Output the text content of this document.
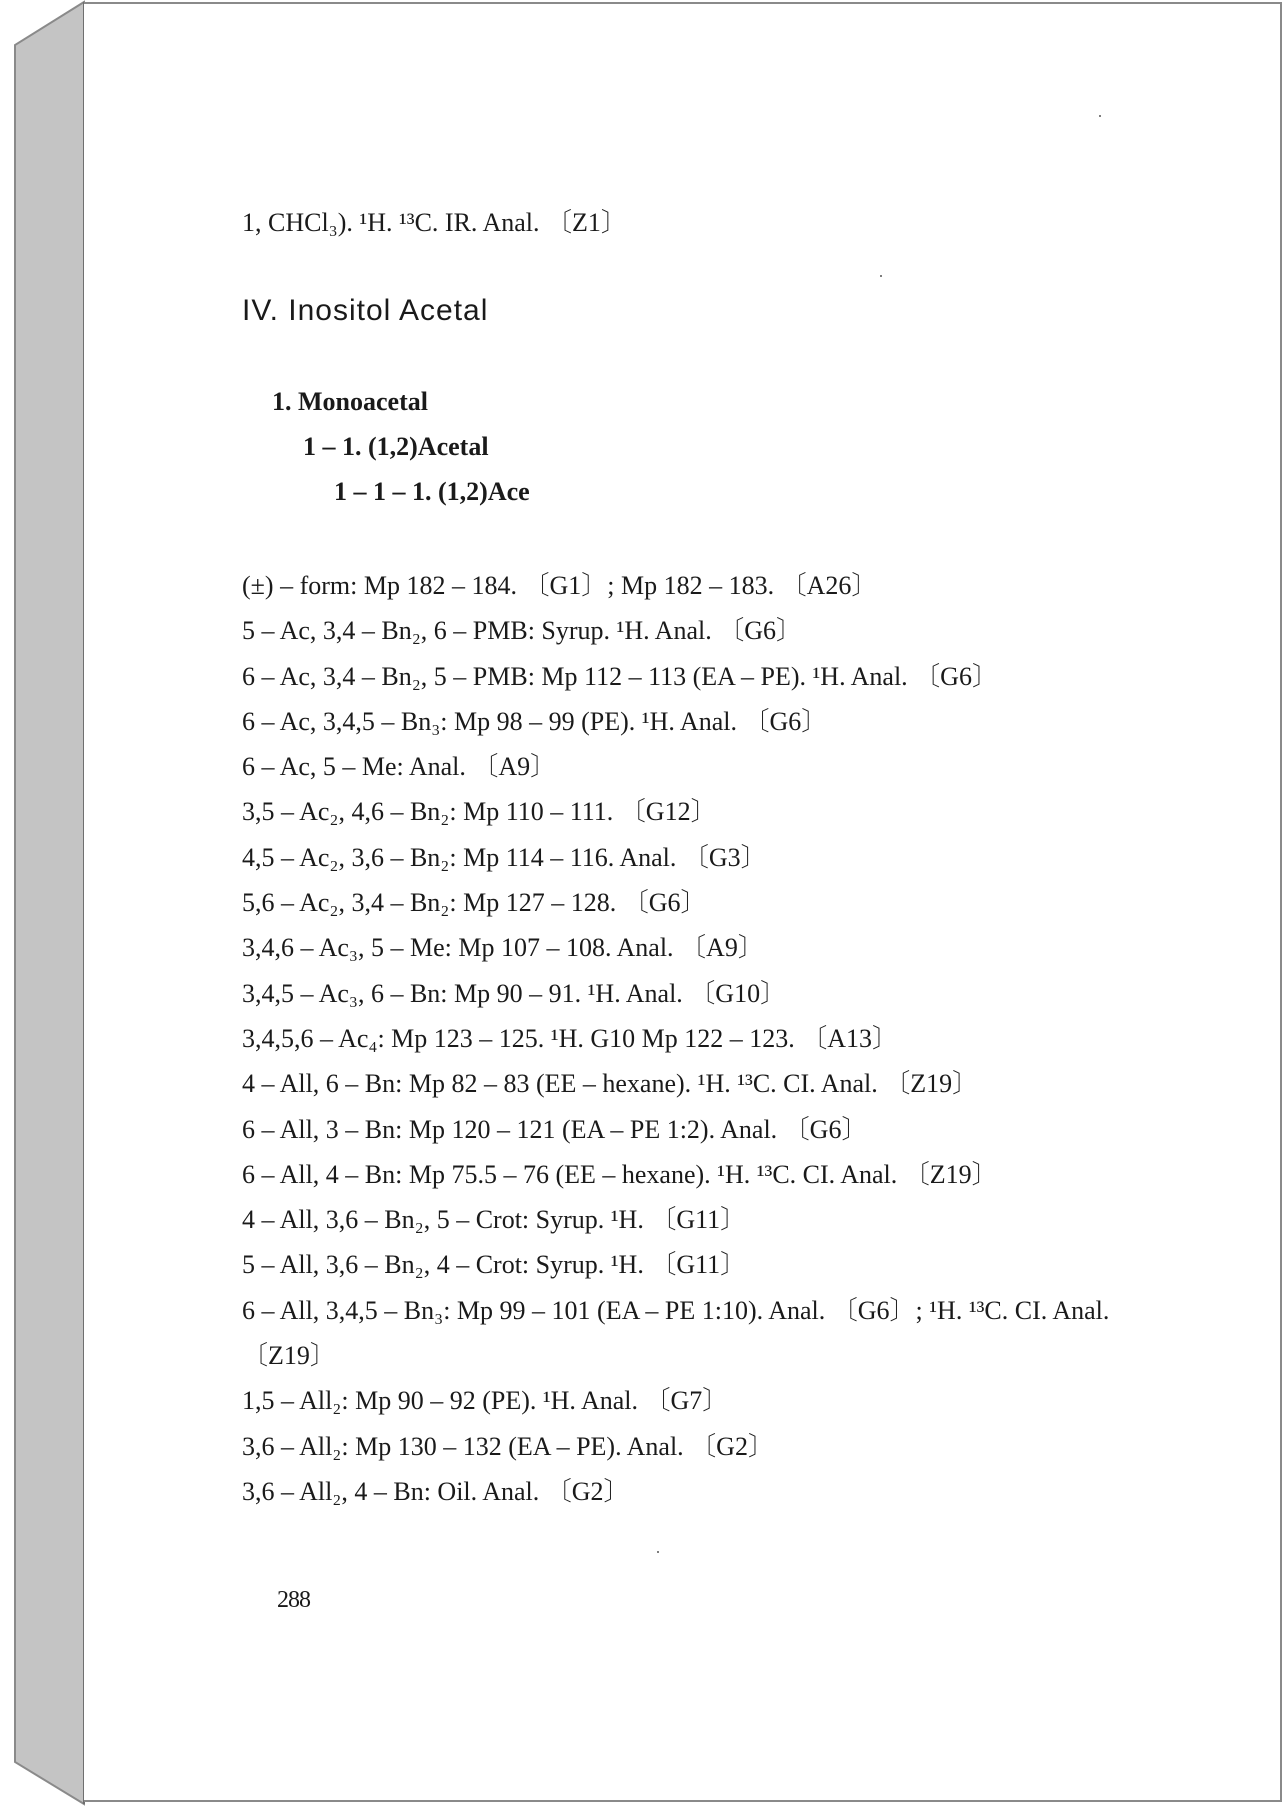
1, CHCl₃). ¹H. ¹³C. IR. Anal. 〔Z1〕
IV. Inositol Acetal
1. Monoacetal
1 – 1. (1,2)Acetal
1 – 1 – 1. (1,2)Ace
(±) – form: Mp 182 – 184. 〔G1〕; Mp 182 – 183. 〔A26〕
5 – Ac, 3,4 – Bn₂, 6 – PMB: Syrup. ¹H. Anal. 〔G6〕
6 – Ac, 3,4 – Bn₂, 5 – PMB: Mp 112 – 113 (EA – PE). ¹H. Anal. 〔G6〕
6 – Ac, 3,4,5 – Bn₃: Mp 98 – 99 (PE). ¹H. Anal. 〔G6〕
6 – Ac, 5 – Me: Anal. 〔A9〕
3,5 – Ac₂, 4,6 – Bn₂: Mp 110 – 111. 〔G12〕
4,5 – Ac₂, 3,6 – Bn₂: Mp 114 – 116. Anal. 〔G3〕
5,6 – Ac₂, 3,4 – Bn₂: Mp 127 – 128. 〔G6〕
3,4,6 – Ac₃, 5 – Me: Mp 107 – 108. Anal. 〔A9〕
3,4,5 – Ac₃, 6 – Bn: Mp 90 – 91. ¹H. Anal. 〔G10〕
3,4,5,6 – Ac₄: Mp 123 – 125. ¹H. G10 Mp 122 – 123. 〔A13〕
4 – All, 6 – Bn: Mp 82 – 83 (EE – hexane). ¹H. ¹³C. CI. Anal. 〔Z19〕
6 – All, 3 – Bn: Mp 120 – 121 (EA – PE 1:2). Anal. 〔G6〕
6 – All, 4 – Bn: Mp 75.5 – 76 (EE – hexane). ¹H. ¹³C. CI. Anal. 〔Z19〕
4 – All, 3,6 – Bn₂, 5 – Crot: Syrup. ¹H. 〔G11〕
5 – All, 3,6 – Bn₂, 4 – Crot: Syrup. ¹H. 〔G11〕
6 – All, 3,4,5 – Bn₃: Mp 99 – 101 (EA – PE 1:10). Anal. 〔G6〕; ¹H. ¹³C. CI. Anal. 〔Z19〕
1,5 – All₂: Mp 90 – 92 (PE). ¹H. Anal. 〔G7〕
3,6 – All₂: Mp 130 – 132 (EA – PE). Anal. 〔G2〕
3,6 – All₂, 4 – Bn: Oil. Anal. 〔G2〕
288
